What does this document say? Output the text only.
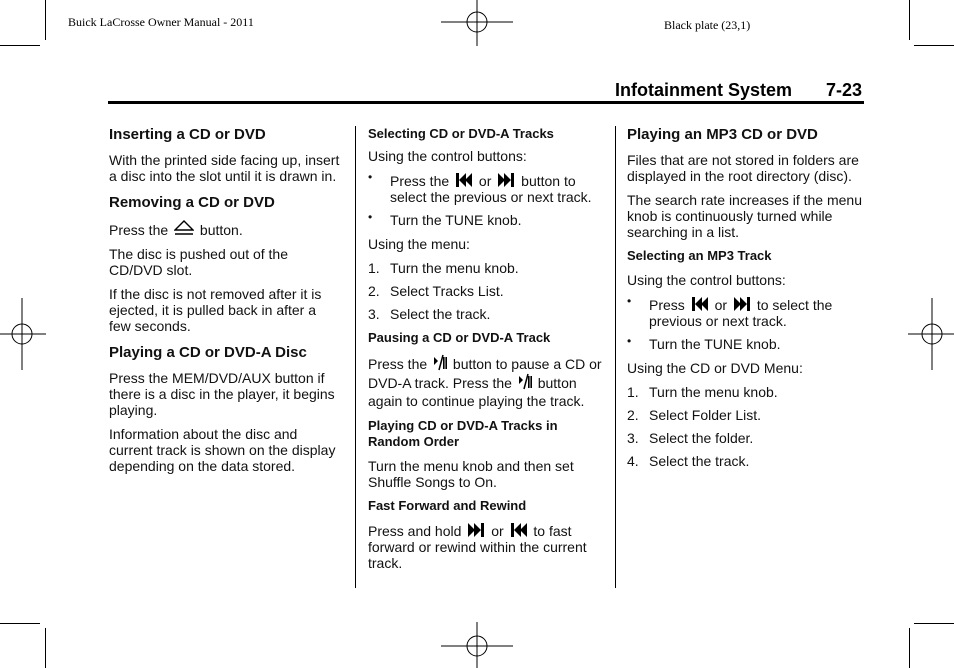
Buick LaCrosse Owner Manual - 2011	Black plate (23,1)
Infotainment System 7-23
Inserting a CD or DVD

With the printed side facing up, insert a disc into the slot until it is drawn in.

Removing a CD or DVD

Press the button.

The disc is pushed out of the CD/DVD slot.

If the disc is not removed after it is ejected, it is pulled back in after a few seconds.

Playing a CD or DVD-A Disc

Press the MEM/DVD/AUX button if there is a disc in the player, it begins playing.

Information about the disc and current track is shown on the display depending on the data stored.

Selecting CD or DVD-A Tracks

Using the control buttons:

• Press the or button to select the previous or next track.
• Turn the TUNE knob.

Using the menu:

1. Turn the menu knob.
2. Select Tracks List.
3. Select the track.
Pausing a CD or DVD-A Track

Press the button to pause a CD or DVD-A track. Press the button again to continue playing the track.

Playing CD or DVD-A Tracks in Random Order

Turn the menu knob and then set Shuffle Songs to On.

Fast Forward and Rewind

Press and hold or to fast forward or rewind within the current track.

Playing an MP3 CD or DVD

Files that are not stored in folders are displayed in the root directory (disc).

The search rate increases if the menu knob is continuously turned while searching in a list.

Selecting an MP3 Track

Using the control buttons:

• Press or to select the previous or next track.
• Turn the TUNE knob.

Using the CD or DVD Menu:

1. Turn the menu knob.
2. Select Folder List.
3. Select the folder.
4. Select the track.
